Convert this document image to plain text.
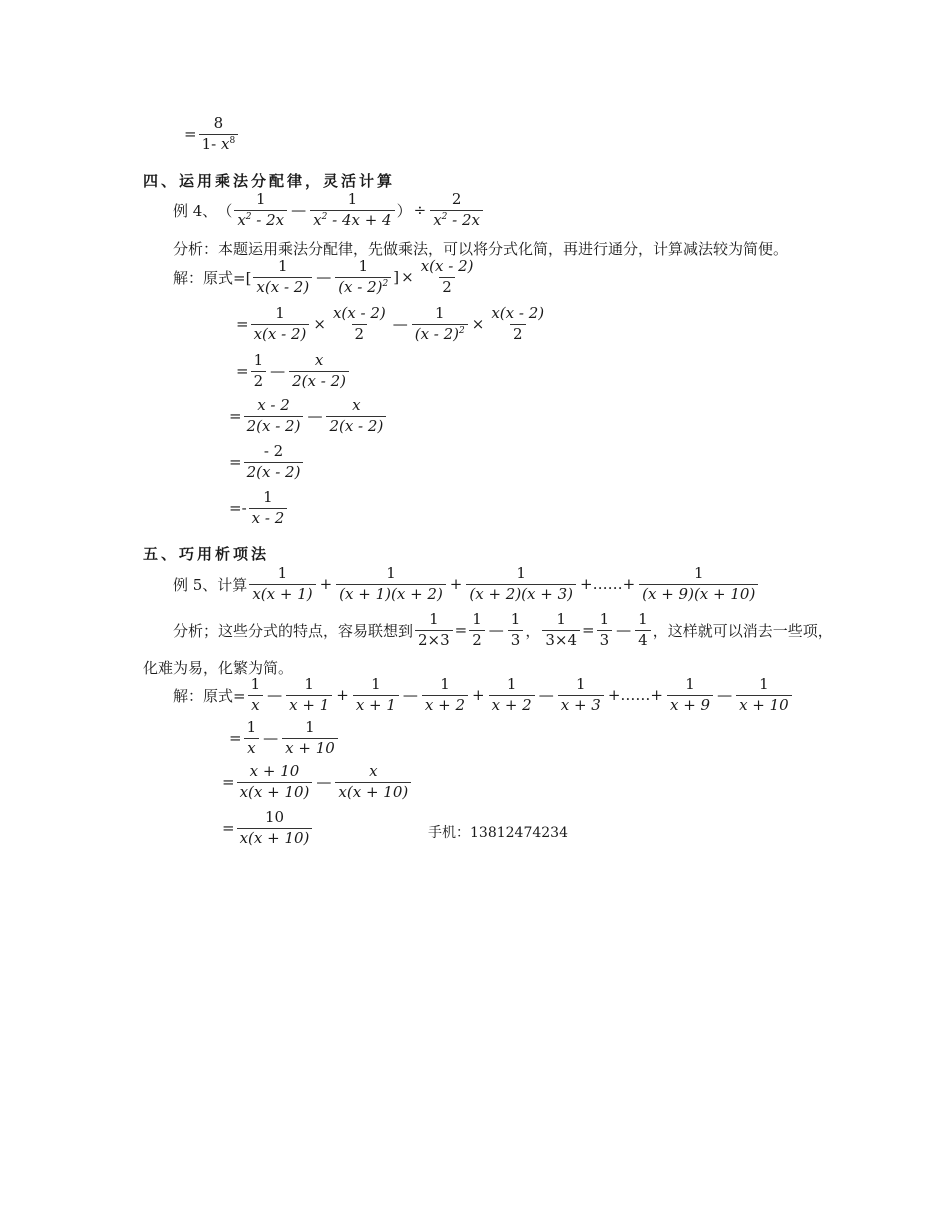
= $\frac{8}{1- x^8}$
四、运用乘法分配律，灵活计算
例 4、 （
1
$x^2 - 2x$
—
1
$x^2 - 4x + 4$ ） ÷ $\frac{2}{x^2 - 2x}$
分析：本题运用乘法分配律，先做乘法，可以将分式化简，再进行通分，计算减法较为简便。
解：原式=[
1
x(x - 2)
—
1
(x - 2)$^2$ ] × $\frac{x(x - 2)}{2}$
= $\frac{1}{x(x - 2)} \times \frac{x(x - 2)}{2}$ — $\frac{1}{(x - 2)^2} \times \frac{x(x - 2)}{2}$
= $\frac{1}{2}$ —
x
2(x - 2)
= $\frac{x - 2}{2(x - 2)}$ —
x
2(x - 2)
= $\frac{- 2}{2(x - 2)}$
=-
1
x - 2
五、巧用析项法
例 5、计算
1
x(x + 1)
+ $\frac{1}{(x + 1)(x + 2)} + \frac{1}{(x + 2)(x + 3)}$ +……+ $\frac{1}{(x + 9)(x + 10)}$
分析；这些分式的特点，容易联想到 $\frac{1}{2\times 3} = \frac{1}{2}$ —
1
3 ， $\frac{1}{3\times 4} = \frac{1}{3}$ —
1
4 ，这样就可以消去一些项，
化难为易，化繁为简。
解：原式= $\frac{1}{x}$ —
1
x + 1
+ $\frac{1}{x + 1}$ —
1
x + 2
+ $\frac{1}{x + 2}$ —
1
x + 3
+……+ $\frac{1}{x + 9}$ —
1
x + 10
= $\frac{1}{x}$ —
1
x + 10
= $\frac{x + 10}{x(x + 10)}$ —
x
x(x + 10)
= $\frac{10}{x(x + 10)}$	手机：13812474234
